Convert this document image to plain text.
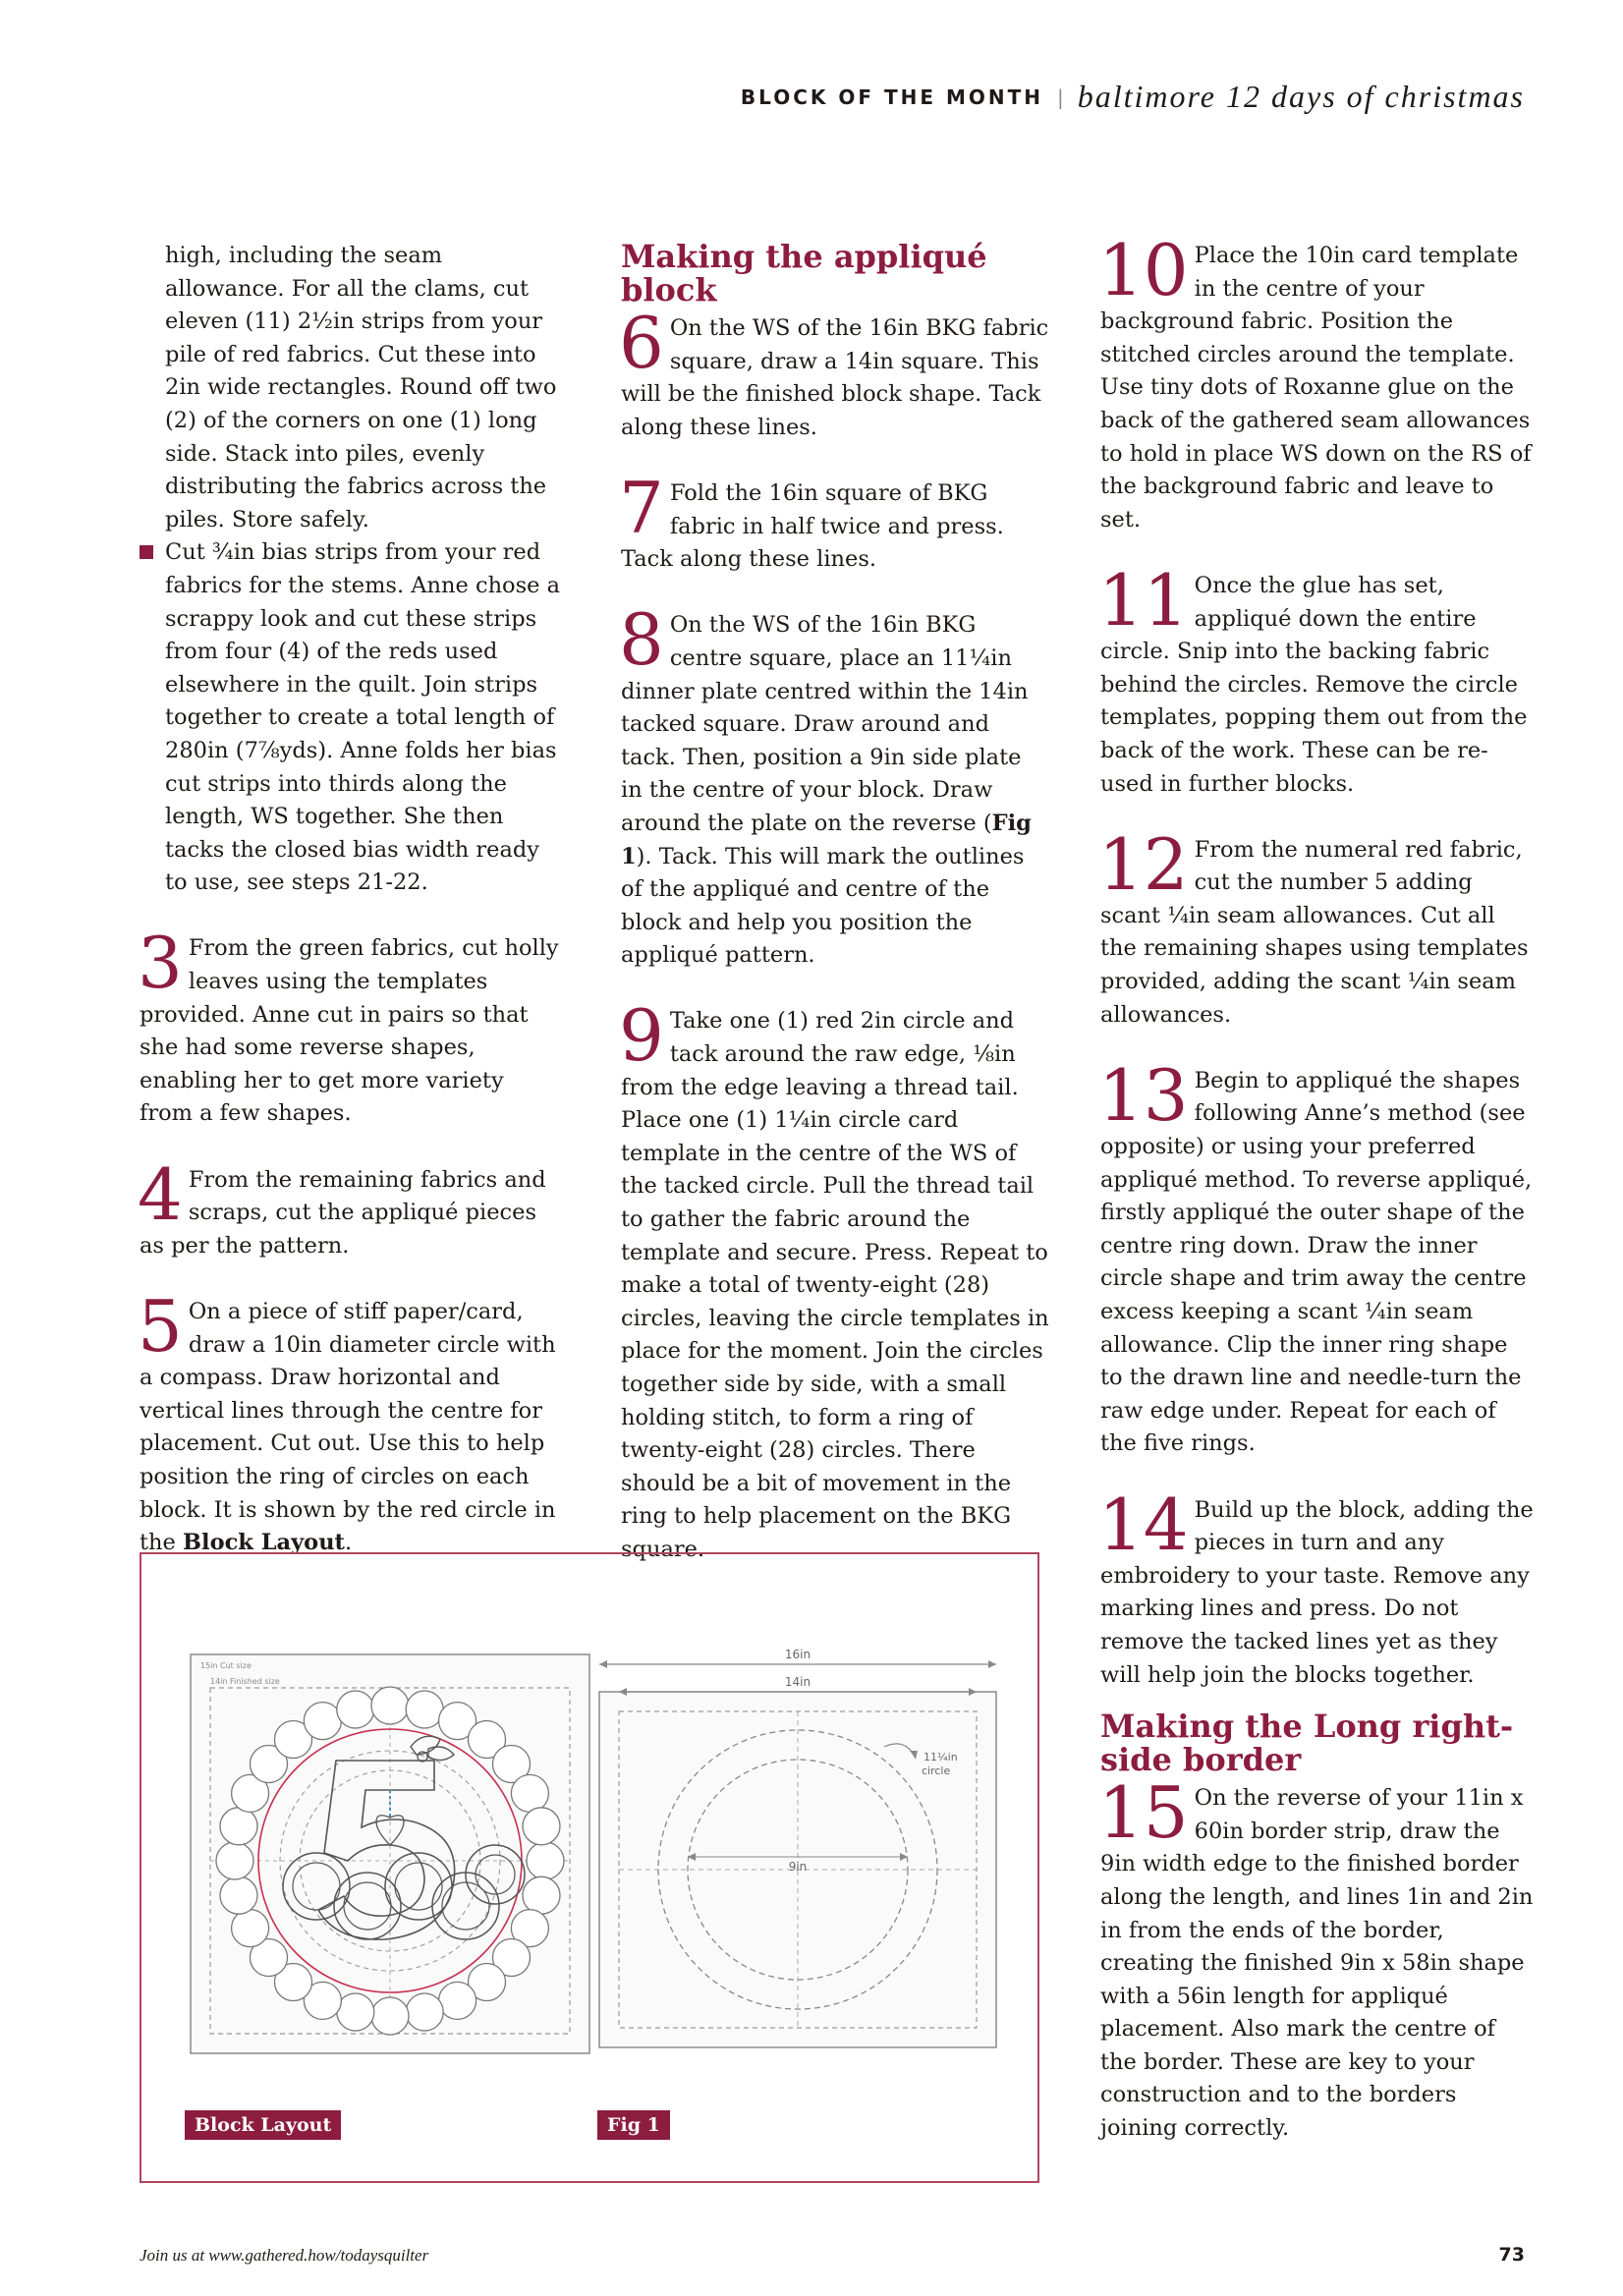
BLOCK OF THE MONTH | baltimore 12 days of christmas

high, including the seam allowance. For all the clams, cut eleven (11) 2½in strips from your pile of red fabrics. Cut these into 2in wide rectangles. Round off two (2) of the corners on one (1) long side. Stack into piles, evenly distributing the fabrics across the piles. Store safely.

Cut ¾in bias strips from your red fabrics for the stems. Anne chose a scrappy look and cut these strips from four (4) of the reds used elsewhere in the quilt. Join strips together to create a total length of 280in (7⅞yds). Anne folds her bias cut strips into thirds along the length, WS together. She then tacks the closed bias width ready to use, see steps 21-22.

3 From the green fabrics, cut holly leaves using the templates provided. Anne cut in pairs so that she had some reverse shapes, enabling her to get more variety from a few shapes.
4 From the remaining fabrics and scraps, cut the appliqué pieces as per the pattern.
5 On a piece of stiff paper/card, draw a 10in diameter circle with a compass. Draw horizontal and vertical lines through the centre for placement. Cut out. Use this to help position the ring of circles on each block. It is shown by the red circle in the Block Layout.
Making the appliqué block
6 On the WS of the 16in BKG fabric square, draw a 14in square. This will be the finished block shape. Tack along these lines.
7 Fold the 16in square of BKG fabric in half twice and press. Tack along these lines.
8 On the WS of the 16in BKG centre square, place an 11¼in dinner plate centred within the 14in tacked square. Draw around and tack. Then, position a 9in side plate in the centre of your block. Draw around the plate on the reverse (Fig 1). Tack. This will mark the outlines of the appliqué and centre of the block and help you position the appliqué pattern.
9 Take one (1) red 2in circle and tack around the raw edge, ⅛in from the edge leaving a thread tail. Place one (1) 1¼in circle card template in the centre of the WS of the tacked circle. Pull the thread tail to gather the fabric around the template and secure. Press. Repeat to make a total of twenty-eight (28) circles, leaving the circle templates in place for the moment. Join the circles together side by side, with a small holding stitch, to form a ring of twenty-eight (28) circles. There should be a bit of movement in the ring to help placement on the BKG square.
10 Place the 10in card template in the centre of your background fabric. Position the stitched circles around the template. Use tiny dots of Roxanne glue on the back of the gathered seam allowances to hold in place WS down on the RS of the background fabric and leave to set.
11 Once the glue has set, appliqué down the entire circle. Snip into the backing fabric behind the circles. Remove the circle templates, popping them out from the back of the work. These can be re-used in further blocks.
12 From the numeral red fabric, cut the number 5 adding scant ¼in seam allowances. Cut all the remaining shapes using templates provided, adding the scant ¼in seam allowances.
13 Begin to appliqué the shapes following Anne’s method (see opposite) or using your preferred appliqué method. To reverse appliqué, firstly appliqué the outer shape of the centre ring down. Draw the inner circle shape and trim away the centre excess keeping a scant ¼in seam allowance. Clip the inner ring shape to the drawn line and needle-turn the raw edge under. Repeat for each of the five rings.
14 Build up the block, adding the pieces in turn and any embroidery to your taste. Remove any marking lines and press. Do not remove the tacked lines yet as they will help join the blocks together.
Making the Long right-side border
15 On the reverse of your 11in x 60in border strip, draw the 9in width edge to the finished border along the length, and lines 1in and 2in in from the ends of the border, creating the finished 9in x 58in shape with a 56in length for appliqué placement. Also mark the centre of the border. These are key to your construction and to the borders joining correctly.
15in Cut size
14in Finished size
16in
14in
9in
11¼in
circle
Block Layout	Fig 1
Join us at www.gathered.how/todaysquilter	73
